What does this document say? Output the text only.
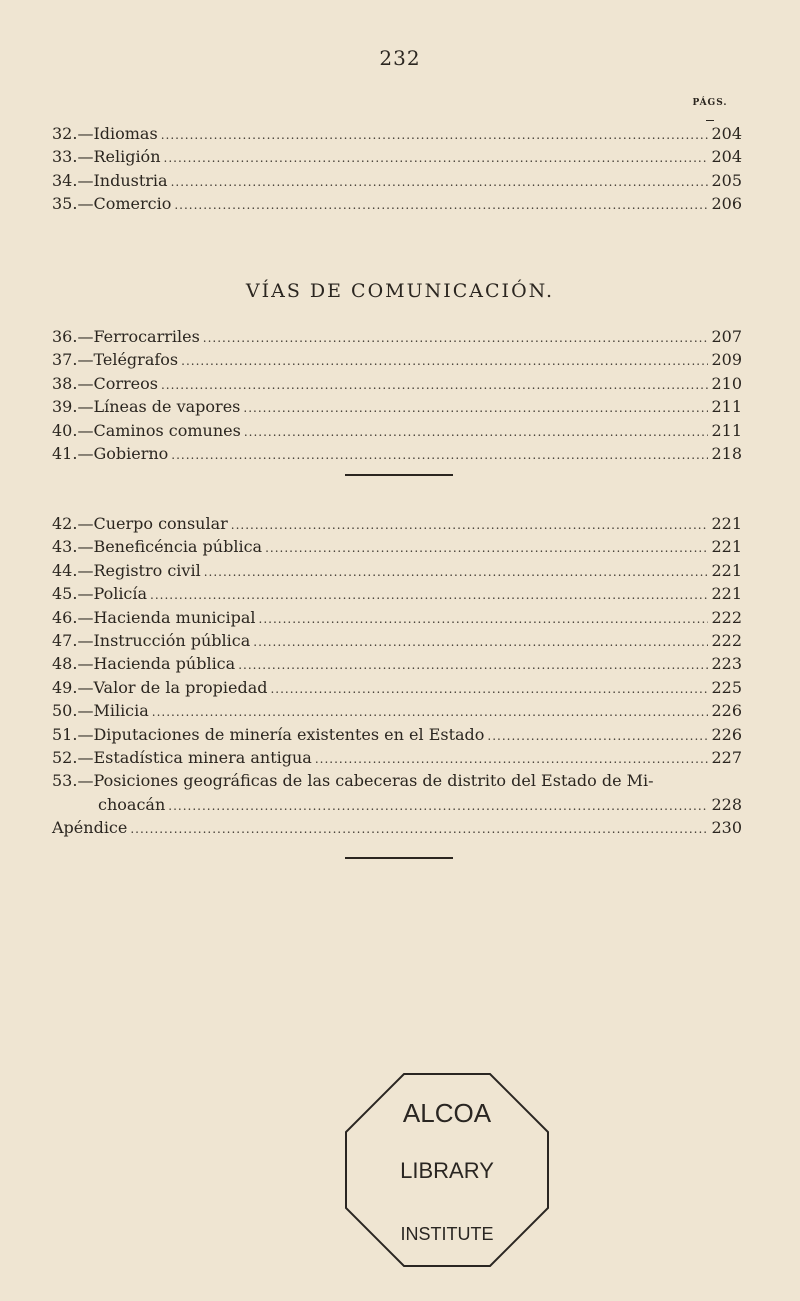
232
PÁGS.
32.—Idiomas .....	204
33.—Religión .....	204
34.—Industria .....	205
35.—Comercio .....	206
VÍAS DE COMUNICACIÓN.
36.—Ferrocarriles .....	207
37.—Telégrafos .....	209
38.—Correos .....	210
39.—Líneas de vapores .....	211
40.—Caminos comunes .....	211
41.—Gobierno .....	218
42.—Cuerpo consular .....	221
43.—Beneficéncia pública .....	221
44.—Registro civil .....	221
45.—Policía .....	221
46.—Hacienda municipal .....	222
47.—Instrucción pública .....	222
48.—Hacienda pública .....	223
49.—Valor de la propiedad .....	225
50.—Milicia .....	226
51.—Diputaciones de minería existentes en el Estado .....	226
52.—Estadística minera antigua .....	227
53.—Posiciones geográficas de las cabeceras de distrito del Estado de Mi-
choacán .....	228
Apéndice .....	230
ALCOA
LIBRARY
INSTITUTE
